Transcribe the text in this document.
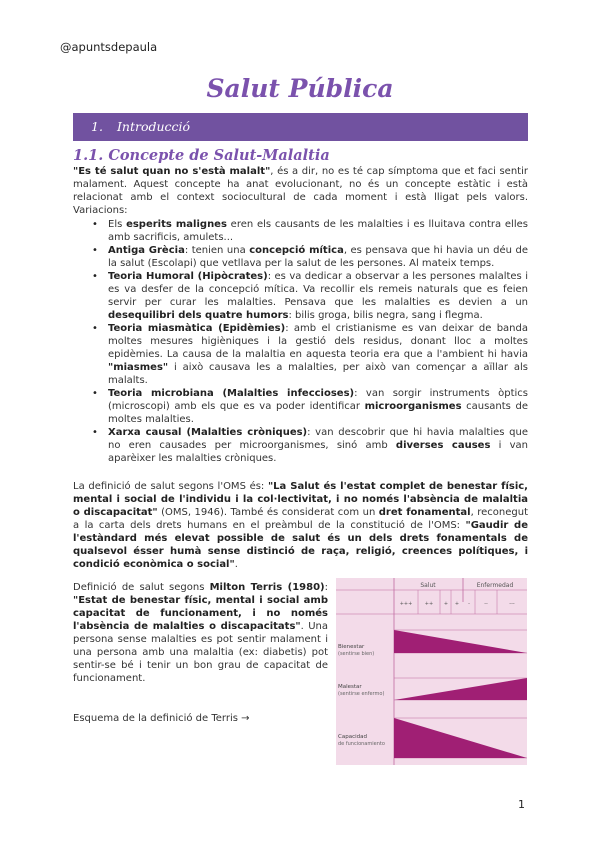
@apuntsdepaula
Salut Pública
1. Introducció
1.1. Concepte de Salut-Malaltia
"Es té salut quan no s'està malalt", és a dir, no es té cap símptoma que et faci sentir malament. Aquest concepte ha anat evolucionant, no és un concepte estàtic i està relacionat amb el context sociocultural de cada moment i està lligat pels valors. Variacions:
• Els esperits malignes eren els causants de les malalties i es lluitava contra elles amb sacrificis, amulets...
• Antiga Grècia: tenien una concepció mítica, es pensava que hi havia un déu de la salut (Escolapi) que vetllava per la salut de les persones. Al mateix temps.
• Teoria Humoral (Hipòcrates): es va dedicar a observar a les persones malaltes i es va desfer de la concepció mítica. Va recollir els remeis naturals que es feien servir per curar les malalties. Pensava que les malalties es devien a un desequilibri dels quatre humors: bilis groga, bilis negra, sang i flegma.
• Teoria miasmàtica (Epidèmies): amb el cristianisme es van deixar de banda moltes mesures higièniques i la gestió dels residus, donant lloc a moltes epidèmies. La causa de la malaltia en aquesta teoria era que a l'ambient hi havia "miasmes" i això causava les a malalties, per això van començar a aïllar als malalts.
• Teoria microbiana (Malalties infeccioses): van sorgir instruments òptics (microscopi) amb els que es va poder identificar microorganismes causants de moltes malalties.
• Xarxa causal (Malalties cròniques): van descobrir que hi havia malalties que no eren causades per microorganismes, sinó amb diverses causes i van aparèixer les malalties cròniques.
La definició de salut segons l'OMS és: "La Salut és l'estat complet de benestar físic, mental i social de l'individu i la col·lectivitat, i no només l'absència de malaltia o discapacitat" (OMS, 1946). També és considerat com un dret fonamental, reconegut a la carta dels drets humans en el preàmbul de la constitució de l'OMS: "Gaudir de l'estàndard més elevat possible de salut és un dels drets fonamentals de qualsevol ésser humà sense distinció de raça, religió, creences polítiques, i condició econòmica o social".
Definició de salut segons Milton Terris (1980): "Estat de benestar físic, mental i social amb capacitat de funcionament, i no només l'absència de malalties o discapacitats". Una persona sense malalties es pot sentir malament i una persona amb una malaltia (ex: diabetis) pot sentir-se bé i tenir un bon grau de capacitat de funcionament.
Esquema de la definició de Terris →
Salut	Enfermedad
+++	++ + + -	--	---
Bienestar
(sentirse bien)
Malestar
(sentirse enfermo)
Capacidad
de funcionamiento
1
